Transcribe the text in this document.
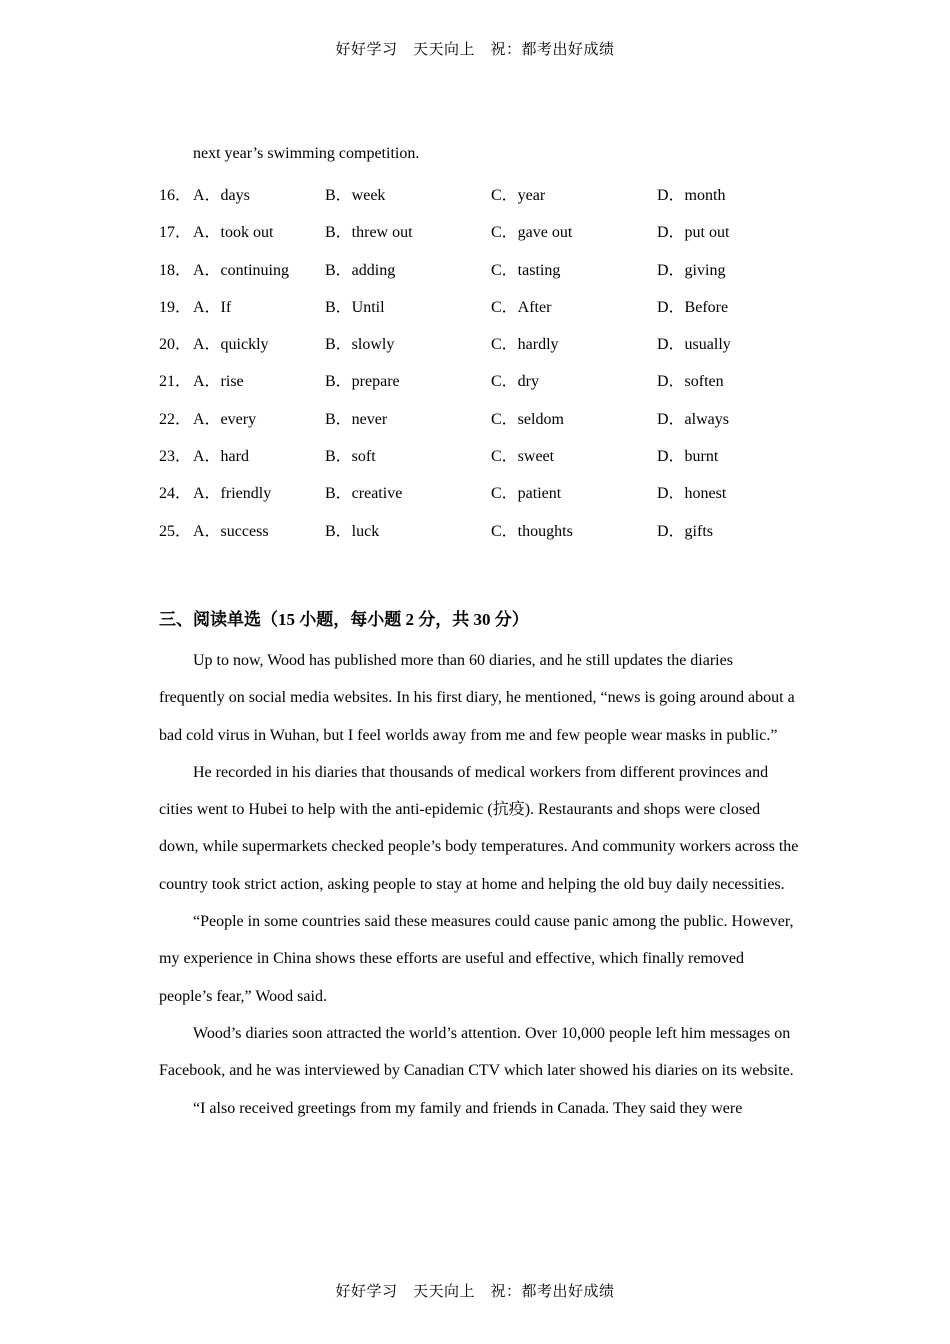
好好学习　天天向上　祝：都考出好成绩
next year’s swimming competition.
16． A．days	B．week	C．year	D．month
17． A．took out	B．threw out	C．gave out	D．put out
18． A．continuing B．adding	C．tasting	D．giving
19． A．If	B．Until	C．After	D．Before
20． A．quickly	B．slowly	C．hardly	D．usually
21． A．rise	B．prepare	C．dry	D．soften
22． A．every	B．never	C．seldom	D．always
23． A．hard	B．soft	C．sweet	D．burnt
24． A．friendly	B．creative	C．patient	D．honest
25． A．success	B．luck	C．thoughts	D．gifts
三、阅读单选（15 小题，每小题 2 分，共 30 分）

Up to now, Wood has published more than 60 diaries, and he still updates the diaries frequently on social media websites. In his first diary, he mentioned, “news is going around about a bad cold virus in Wuhan, but I feel worlds away from me and few people wear masks in public.”

He recorded in his diaries that thousands of medical workers from different provinces and cities went to Hubei to help with the anti-epidemic (抗疫). Restaurants and shops were closed down, while supermarkets checked people’s body temperatures. And community workers across the country took strict action, asking people to stay at home and helping the old buy daily necessities.

“People in some countries said these measures could cause panic among the public. However, my experience in China shows these efforts are useful and effective, which finally removed people’s fear,” Wood said.

Wood’s diaries soon attracted the world’s attention. Over 10,000 people left him messages on Facebook, and he was interviewed by Canadian CTV which later showed his diaries on its website.

“I also received greetings from my family and friends in Canada. They said they were

好好学习　天天向上　祝：都考出好成绩
